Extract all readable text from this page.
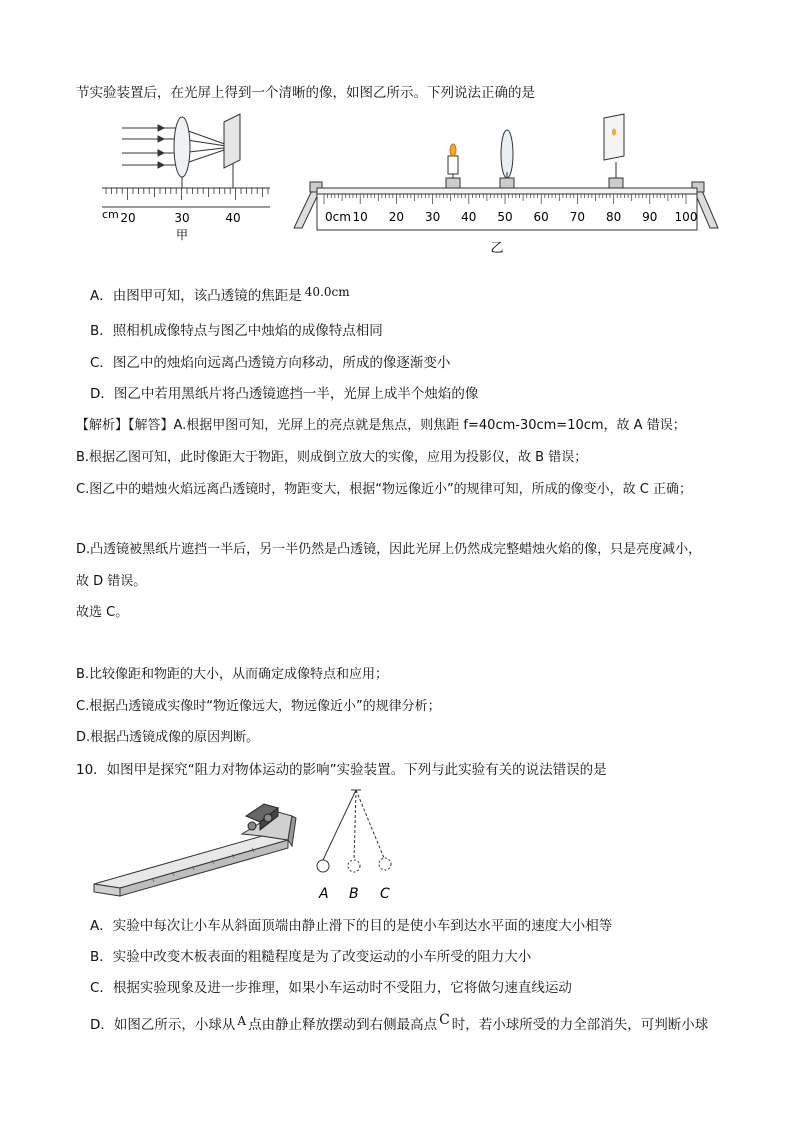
节实验装置后，在光屏上得到一个清晰的像，如图乙所示。下列说法正确的是
cm 20	30	40
甲
0cm 10 20 30 40 50 60 70 80 90 100
乙
A．由图甲可知，该凸透镜的焦距是 40.0cm
B．照相机成像特点与图乙中烛焰的成像特点相同
C．图乙中的烛焰向远离凸透镜方向移动，所成的像逐渐变小
D．图乙中若用黑纸片将凸透镜遮挡一半，光屏上成半个烛焰的像
【解析】【解答】A.根据甲图可知，光屏上的亮点就是焦点，则焦距 f=40cm-30cm=10cm，故 A 错误；
B.根据乙图可知，此时像距大于物距，则成倒立放大的实像，应用为投影仪，故 B 错误；
C.图乙中的蜡烛火焰远离凸透镜时，物距变大，根据“物远像近小”的规律可知，所成的像变小，故 C 正确；
D.凸透镜被黑纸片遮挡一半后，另一半仍然是凸透镜，因此光屏上仍然成完整蜡烛火焰的像，只是亮度减小，
故 D 错误。
故选 C。
B.比较像距和物距的大小，从而确定成像特点和应用；
C.根据凸透镜成实像时“物近像远大，物远像近小”的规律分析；
D.根据凸透镜成像的原因判断。
10．如图甲是探究“阻力对物体运动的影响”实验装置。下列与此实验有关的说法错误的是
A B C
A．实验中每次让小车从斜面顶端由静止滑下的目的是使小车到达水平面的速度大小相等
B．实验中改变木板表面的粗糙程度是为了改变运动的小车所受的阻力大小
C．根据实验现象及进一步推理，如果小车运动时不受阻力，它将做匀速直线运动
D．如图乙所示，小球从 A 点由静止释放摆动到右侧最高点 C 时，若小球所受的力全部消失，可判断小球
